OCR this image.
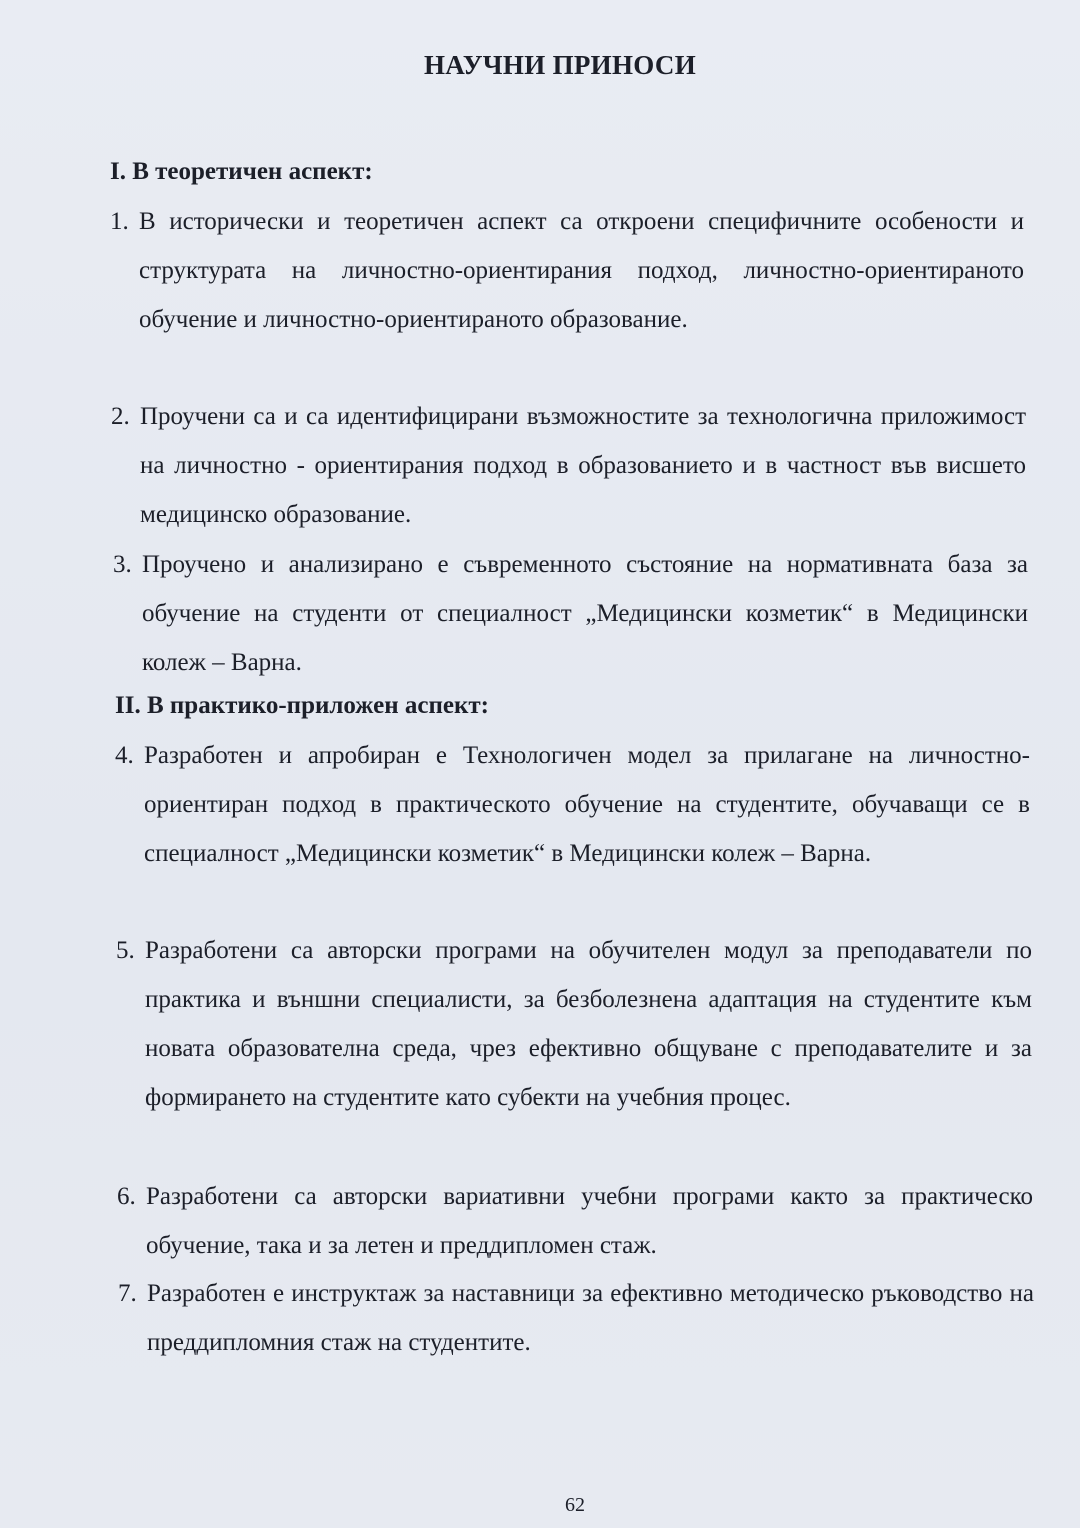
НАУЧНИ ПРИНОСИ
I. В теоретичен аспект:
1. В исторически и теоретичен аспект са откроени специфичните особености и структурата на личностно-ориентирания подход, личностно-ориентираното обучение и личностно-ориентираното образование.
2. Проучени са и са идентифицирани възможностите за технологична приложимост на личностно - ориентирания подход в образованието и в частност във висшето медицинско образование.
3. Проучено и анализирано е съвременното състояние на нормативната база за обучение на студенти от специалност „Медицински козметик“ в Медицински колеж – Варна.
II. В практико-приложен аспект:
4. Разработен и апробиран е Технологичен модел за прилагане на личностно-ориентиран подход в практическото обучение на студентите, обучаващи се в специалност „Медицински козметик“ в Медицински колеж – Варна.
5. Разработени са авторски програми на обучителен модул за преподаватели по практика и външни специалисти, за безболезнена адаптация на студентите към новата образователна среда, чрез ефективно общуване с преподавателите и за формирането на студентите като субекти на учебния процес.
6. Разработени са авторски вариативни учебни програми както за практическо обучение, така и за летен и преддипломен стаж.
7. Разработен е инструктаж за наставници за ефективно методическо ръководство на преддипломния стаж на студентите.
62
